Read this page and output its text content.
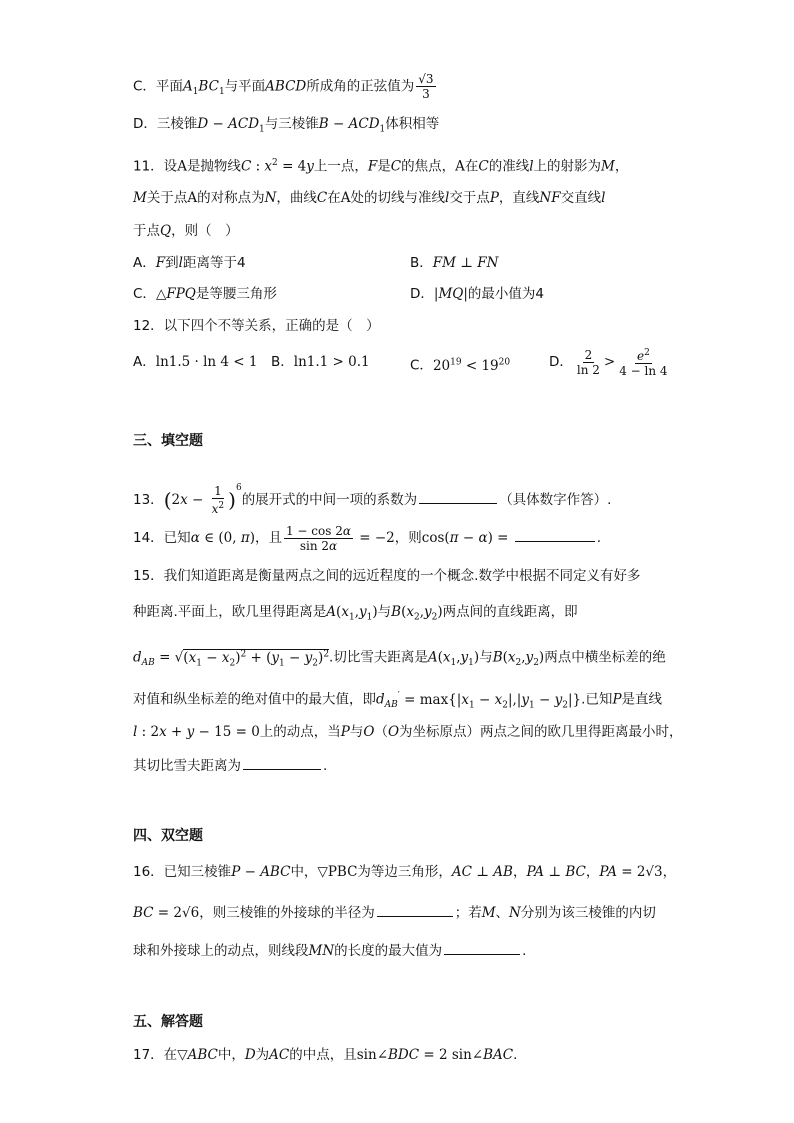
C．平面$A_1BC_1$与平面ABCD所成角的正弦值为 $\frac{√3}{3}$
D．三棱锥$D - ACD_1$与三棱锥$B - ACD_1$体积相等
11．设A是抛物线C : $x^2 = 4y$上一点，F是C的焦点，A在C的准线l上的射影为M，
M关于点A的对称点为N，曲线C在A处的切线与准线l交于点P，直线NF交直线l
于点Q，则（　）
A．F到l距离等于4	B．FM ⊥ FN
C．△FPQ是等腰三角形	D．|MQ|的最小值为4
12．以下四个不等关系，正确的是（　）
A．ln1.5 · ln 4 < 1 B．ln1.1 > 0.1	C．$20^{19} < 19^{20}$	D． $\frac{2}{\ln 2} > \frac{e^2}{4 - \ln 4}$
三、填空题
13．$(2x - \frac{1}{x^2} )^6$的展开式的中间一项的系数为	（具体数字作答）.
14．已知α ∈ (0, π)，且 $\frac{1 - \cos 2\alpha}{\sin 2\alpha} = -2$，则cos(π − α) =	.
15．我们知道距离是衡量两点之间的远近程度的一个概念.数学中根据不同定义有好多
种距离.平面上，欧几里得距离是$A(x_1,y_1)$与$B(x_2,y_2)$两点间的直线距离，即
$d_{AB} = √(x_1 - x_2)^2 + (y_1 - y_2)^2$.切比雪夫距离是$A(x_1,y_1)$与$B(x_2,y_2)$两点中横坐标差的绝
对值和纵坐标差的绝对值中的最大值，即$d_{AB}' = \max\{|x_1 - x_2|,|y_1 - y_2|\}$.已知P是直线
l : 2x + y − 15 = 0上的动点，当P与O（O为坐标原点）两点之间的欧几里得距离最小时，
其切比雪夫距离为	.
四、双空题
16．已知三棱锥P − ABC中，▽PBC为等边三角形，AC ⊥ AB，PA ⊥ BC，PA = 2√3，
BC = 2√6，则三棱锥的外接球的半径为	；若M、N分别为该三棱锥的内切
球和外接球上的动点，则线段MN的长度的最大值为	.
五、解答题
17．在▽ABC中，D为AC的中点，且sin∠BDC = 2 sin∠BAC.
